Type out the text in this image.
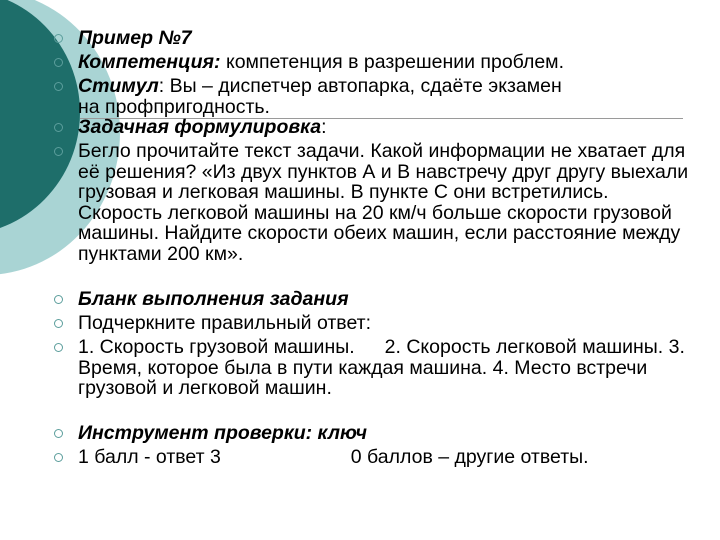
Пример №7
Компетенция: компетенция в разрешении проблем.
Стимул: Вы – диспетчер автопарка, сдаёте экзамен
на профпригодность.
Задачная формулировка:
Бегло прочитайте текст задачи. Какой информации не хватает для её решения? «Из двух пунктов А и В навстречу друг другу выехали грузовая и легковая машины. В пункте С они встретились. Скорость легковой машины на 20 км/ч больше скорости грузовой машины. Найдите скорости обеих машин, если расстояние между пунктами 200 км».
Бланк выполнения задания
Подчеркните правильный ответ:
1. Скорость грузовой машины. 2. Скорость легковой машины. 3. Время, которое была в пути каждая машина. 4. Место встречи грузовой и легковой машин.
Инструмент проверки: ключ
1 балл - ответ 3	0 баллов – другие ответы.
